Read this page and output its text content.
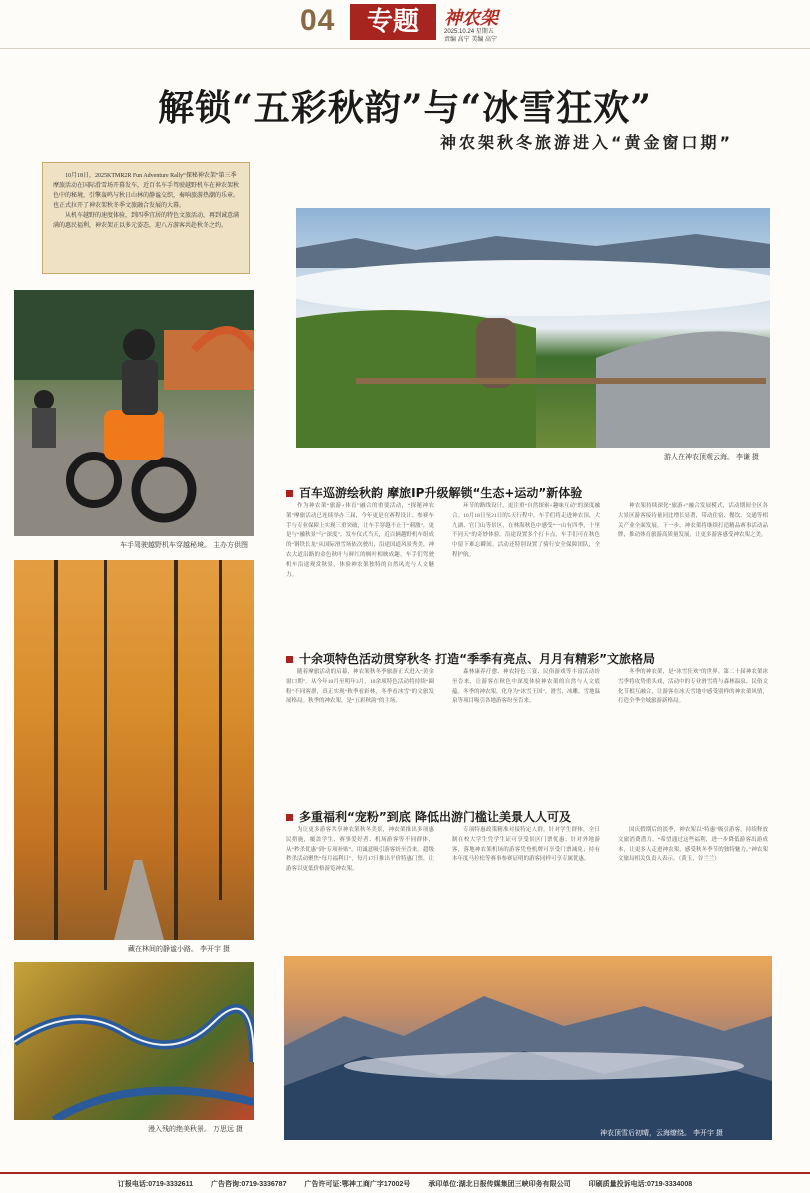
04	专题	神农架
2025.10.24 星期五
责编 高宁 美编 高宁
解锁“五彩秋韵”与“冰雪狂欢”
神农架秋冬旅游进入“黄金窗口期”

10月18日，2025KTMR2R Fun Adventure Rally“探秘神农架”第三季摩旅活动在国际滑雪场开幕发车，近百名车手驾驶越野机车在神农架秋色中的秘境，引擎轰鸣与秋日山林的静谧交织，奏响旅游热潮的乐章。也正式拉开了神农架秋冬季文旅融合发展的大幕。

从机车越野的速度体验，到四季宜居的特色文旅活动，再到诚意满满的惠民福利，神农架正以多元姿态，迎八方游客共赴秋冬之约。

车手驾驶越野机车穿越秘境。 主办方供图
游人在神农顶观云海。 李谦 摄
百车巡游绘秋韵 摩旅IP升级解锁“生态+运动”新体验

作为神农架“旅游+体育”融合的重要活动，“探秘神农架”摩旅活动已连续举办三届，今年更是在赛程设计、参赛车手与专业保障上实现三重突破，让车手穿越不止于“刺激”，更是与“融秋景”与“深度”。发车仪式当天，近百辆越野机车组成的“钢铁长龙”从国际滑雪场依次驶出，沿途国道风景秀美，神农大道沿路的金色秋叶与鲜红的枫叶相映成趣。车手们驾驶机车沿途观赏秋景，体验神农架独特的自然风光与人文魅力。

环节的路线设计，更注重“自然探索+趣味互动”的深度融合。10月18日至21日的5天行程中，车手们将走进神农顶、大九湖、官门山等景区，在林海秋色中感受“一山有四季，十里不同天”的奇妙体验。沿途设置多个打卡点，车手们可在秋色中留下难忘瞬间。活动还特别设置了骑行安全保障团队，全程护航。

神农架持续深化“旅游+”融合发展模式，活动期间全区各大景区游客接待量同比增长显著，带动住宿、餐饮、交通等相关产业全面发展。下一步，神农架将继续打造精品赛事活动品牌，推动体育旅游高质量发展，让更多游客感受神农架之美。

藏在林间的静谧小路。 李开宇 摄
十余项特色活动贯穿秋冬 打造“季季有亮点、月月有精彩”文旅格局

随着摩旅活动的启幕，神农架秋冬季旅游正式进入“黄金窗口期”。从今年10月至明年3月，10余项特色活动将持续“圈粉”不同客群，真正实现“秋季看彩林，冬季看冰雪”的文旅发展格局。秋季的神农架，是“五彩秋韵”的主场。

森林康养疗愈、神农特色三宴、民俗游戏等丰富活动纷至沓来，让游客在秋色中深度体验神农架的自然与人文底蕴。冬季的神农架，化身为“冰雪王国”，滑雪、冰雕、雪地温泉等项目吸引各地游客纷至沓来。

冬季的神农架，是“冰雪狂欢”的世界。第二十届神农架冰雪季将攻势重头戏，活动中的专业滑雪将与森林温泉、民俗文化节相互融合，让游客在冰天雪地中感受别样的神农架风情，打造全季全域旅游新格局。

多重福利“宠粉”到底 降低出游门槛让美景人人可及

为让更多游客共享神农架秋冬美景，神农架推出多项惠民措施，覆盖学生、赛事爱好者、机场游客等不同群体，从“秒杀优惠”到“专项补贴”，用诚意吸引游客纷至沓来。超级秒杀活动聚焦“每月福利日”，每月17日推出平价特惠门票，让游客以更低价格游览神农架。

专项特惠政策精准对接特定人群。针对学生群体，全日制在校大学生凭学生证可享受景区门票优惠；针对外地游客，落地神农架机场的游客凭登机牌可享受门票减免；持有本年度马拉松等赛事参赛证明的游客同样可享专属优惠。

国庆假期后的淡季，神农架以“特惠”吸引游客，持续释放文旅消费潜力。“希望通过这些福利，进一步降低游客出游成本，让更多人走进神农架，感受秋冬季节的独特魅力。”神农架文旅局相关负责人表示。（黄玉、谷兰兰）

漫入残的绝美秋景。 万思远 摄
神农顶雪后初晴，云海缭绕。 李开宇 摄
订报电话:0719-3332611	广告咨询:0719-3336787	广告许可证:鄂神工商广字17002号	承印单位:湖北日报传媒集团三峡印务有限公司	印刷质量投诉电话:0719-3334008
